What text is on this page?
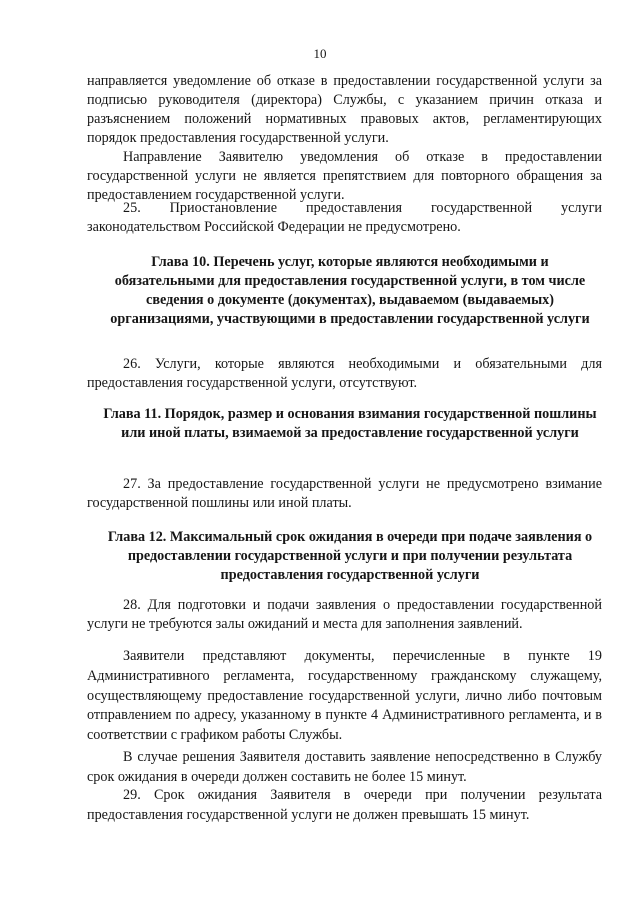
10

направляется уведомление об отказе в предоставлении государственной услуги за подписью руководителя (директора) Службы, с указанием причин отказа и разъяснением положений нормативных правовых актов, регламентирующих порядок предоставления государственной услуги.

Направление Заявителю уведомления об отказе в предоставлении государственной услуги не является препятствием для повторного обращения за предоставлением государственной услуги.

25. Приостановление предоставления государственной услуги законодательством Российской Федерации не предусмотрено.

Глава 10. Перечень услуг, которые являются необходимыми и обязательными для предоставления государственной услуги, в том числе сведения о документе (документах), выдаваемом (выдаваемых) организациями, участвующими в предоставлении государственной услуги

26. Услуги, которые являются необходимыми и обязательными для предоставления государственной услуги, отсутствуют.

Глава 11. Порядок, размер и основания взимания государственной пошлины или иной платы, взимаемой за предоставление государственной услуги

27. За предоставление государственной услуги не предусмотрено взимание государственной пошлины или иной платы.

Глава 12. Максимальный срок ожидания в очереди при подаче заявления о предоставлении государственной услуги и при получении результата предоставления государственной услуги

28. Для подготовки и подачи заявления о предоставлении государственной услуги не требуются залы ожиданий и места для заполнения заявлений.

Заявители представляют документы, перечисленные в пункте 19 Административного регламента, государственному гражданскому служащему, осуществляющему предоставление государственной услуги, лично либо почтовым отправлением по адресу, указанному в пункте 4 Административного регламента, и в соответствии с графиком работы Службы.

В случае решения Заявителя доставить заявление непосредственно в Службу срок ожидания в очереди должен составить не более 15 минут.

29. Срок ожидания Заявителя в очереди при получении результата предоставления государственной услуги не должен превышать 15 минут.
